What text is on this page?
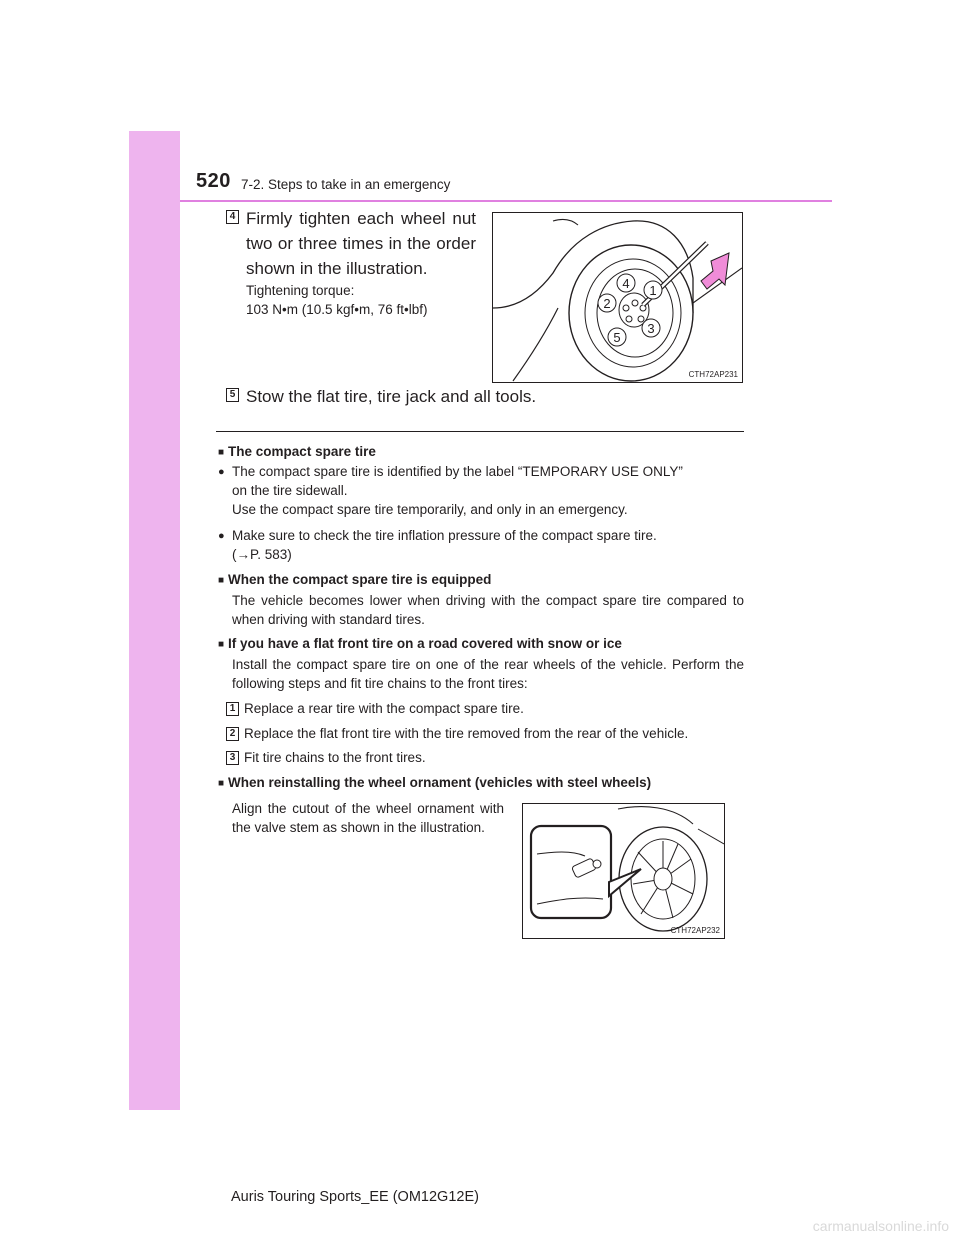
520 7-2. Steps to take in an emergency
4 Firmly tighten each wheel nut two or three times in the order shown in the illustration.
Tightening torque:
103 N•m (10.5 kgf•m, 76 ft•lbf)
4 1
2
3
5
CTH72AP231
5 Stow the flat tire, tire jack and all tools.
■ The compact spare tire
● The compact spare tire is identified by the label “TEMPORARY USE ONLY”
on the tire sidewall.
Use the compact spare tire temporarily, and only in an emergency.
● Make sure to check the tire inflation pressure of the compact spare tire.
(→P. 583)
■ When the compact spare tire is equipped
The vehicle becomes lower when driving with the compact spare tire compared to when driving with standard tires.
■ If you have a flat front tire on a road covered with snow or ice
Install the compact spare tire on one of the rear wheels of the vehicle. Perform the following steps and fit tire chains to the front tires:
1 Replace a rear tire with the compact spare tire.
2 Replace the flat front tire with the tire removed from the rear of the vehicle.
3 Fit tire chains to the front tires.
■ When reinstalling the wheel ornament (vehicles with steel wheels)
Align the cutout of the wheel ornament with the valve stem as shown in the illustration.
CTH72AP232
Auris Touring Sports_EE (OM12G12E)
carmanualsonline.info
